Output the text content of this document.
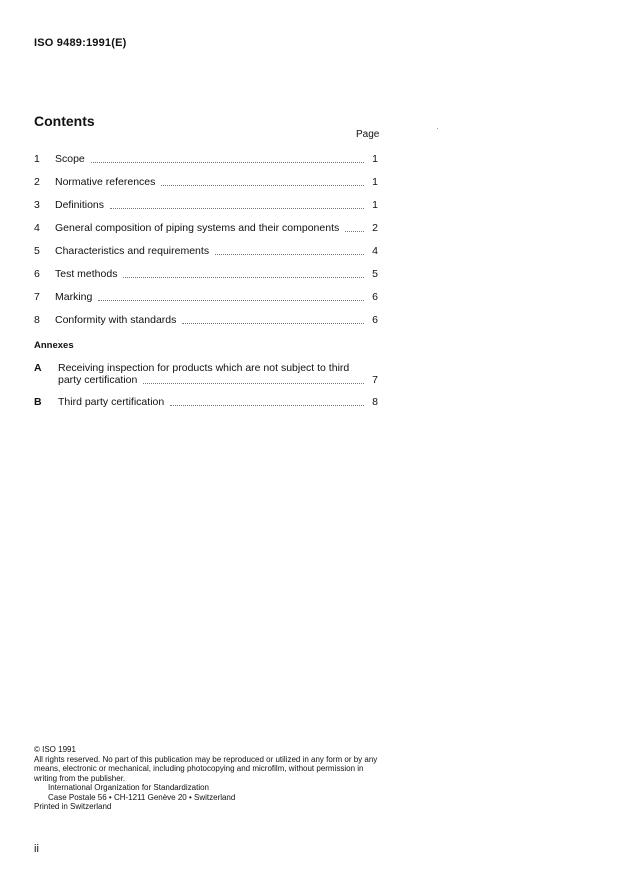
ISO 9489:1991(E)
Contents
Page
1	Scope	1
2	Normative references	1
3	Definitions	1
4	General composition of piping systems and their components	2
5	Characteristics and requirements	4
6	Test methods	5
7	Marking	6
8	Conformity with standards	6
Annexes
A	Receiving inspection for products which are not subject to third
party certification	7
B	Third party certification	8
© ISO 1991
All rights reserved. No part of this publication may be reproduced or utilized in any form or by any means, electronic or mechanical, including photocopying and microfilm, without permission in writing from the publisher.
International Organization for Standardization
Case Postale 56 • CH-1211 Genève 20 • Switzerland
Printed in Switzerland
ii
